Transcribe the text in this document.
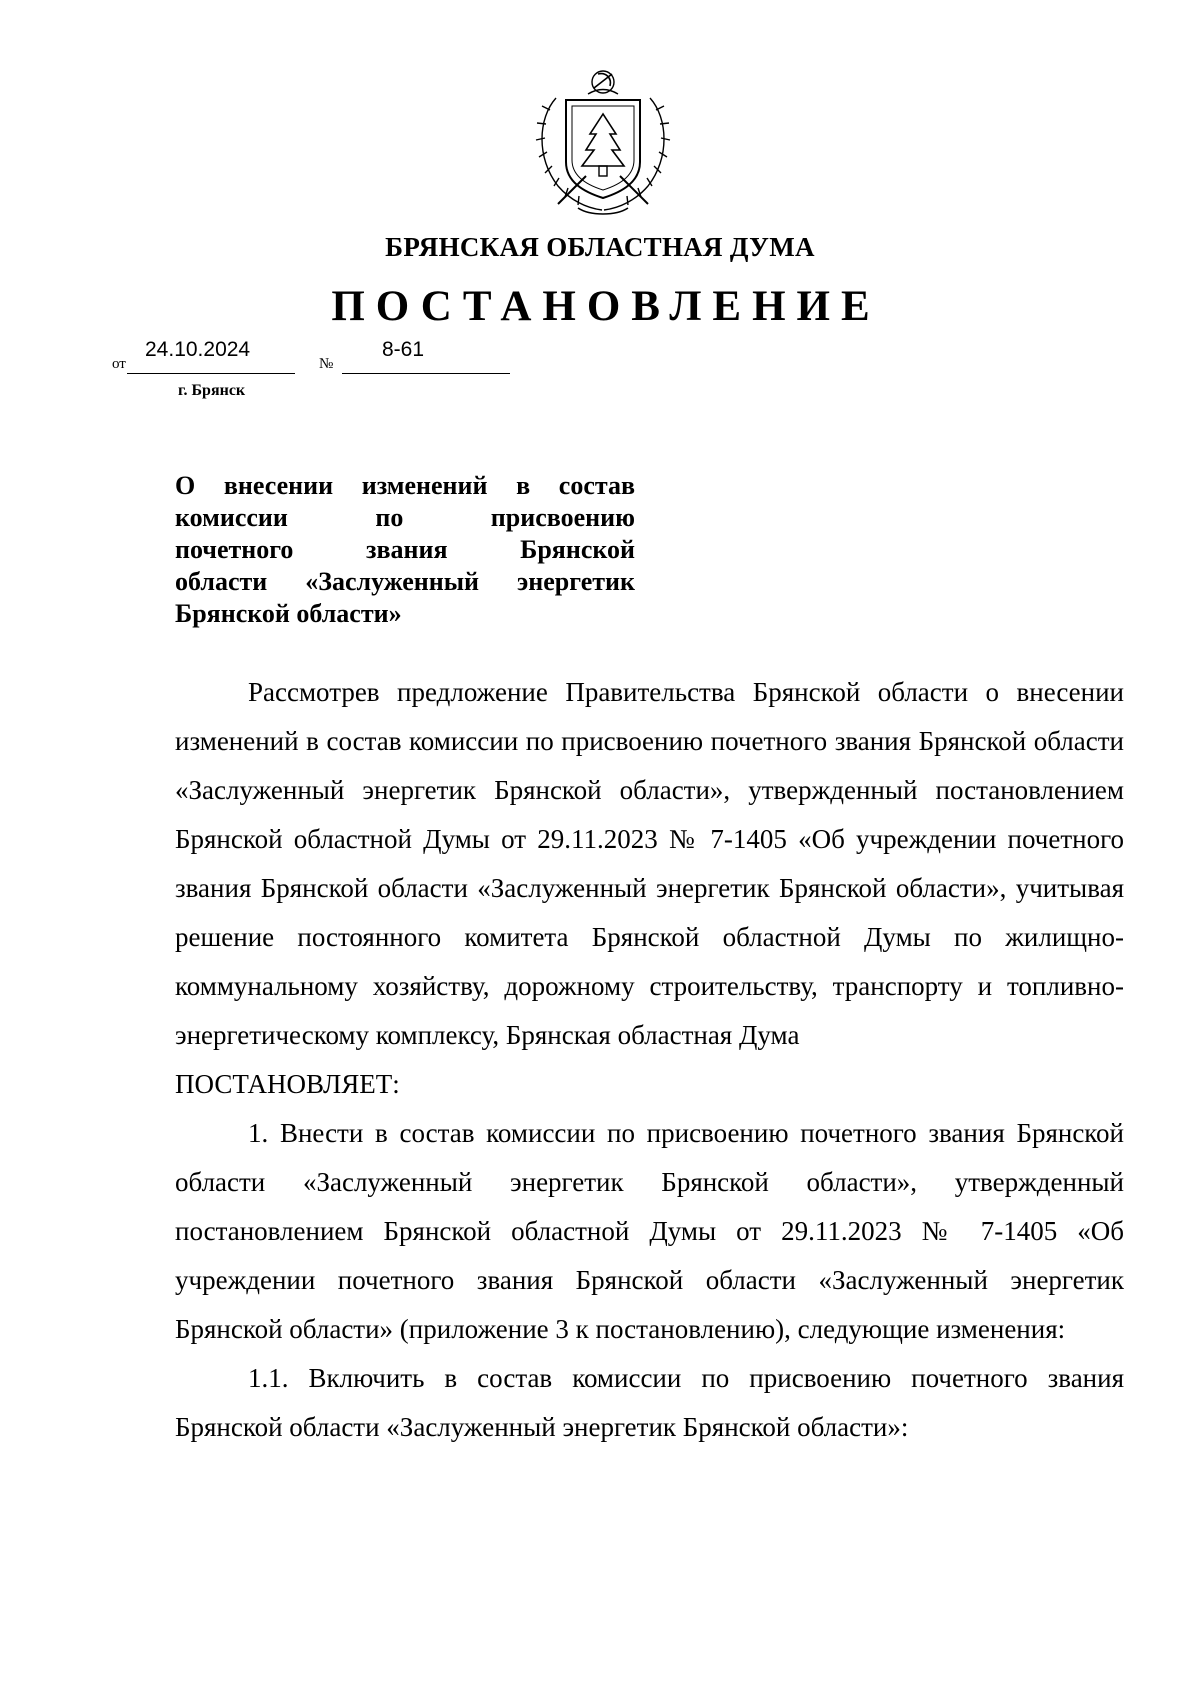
БРЯНСКАЯ ОБЛАСТНАЯ ДУМА
ПОСТАНОВЛЕНИЕ
от
24.10.2024
№
8-61
г. Брянск
О внесении изменений в состав
комиссии по присвоению
почетного звания Брянской
области «Заслуженный энергетик
Брянской области»

Рассмотрев предложение Правительства Брянской области о внесении изменений в состав комиссии по присвоению почетного звания Брянской области «Заслуженный энергетик Брянской области», утвержденный постановлением Брянской областной Думы от 29.11.2023 № 7-1405 «Об учреждении почетного звания Брянской области «Заслуженный энергетик Брянской области», учитывая решение постоянного комитета Брянской областной Думы по жилищно-коммунальному хозяйству, дорожному строительству, транспорту и топливно-энергетическому комплексу, Брянская областная Дума

ПОСТАНОВЛЯЕТ:

1. Внести в состав комиссии по присвоению почетного звания Брянской области «Заслуженный энергетик Брянской области», утвержденный постановлением Брянской областной Думы от 29.11.2023 № 7-1405 «Об учреждении почетного звания Брянской области «Заслуженный энергетик Брянской области» (приложение 3 к постановлению), следующие изменения:

1.1. Включить в состав комиссии по присвоению почетного звания Брянской области «Заслуженный энергетик Брянской области»:
